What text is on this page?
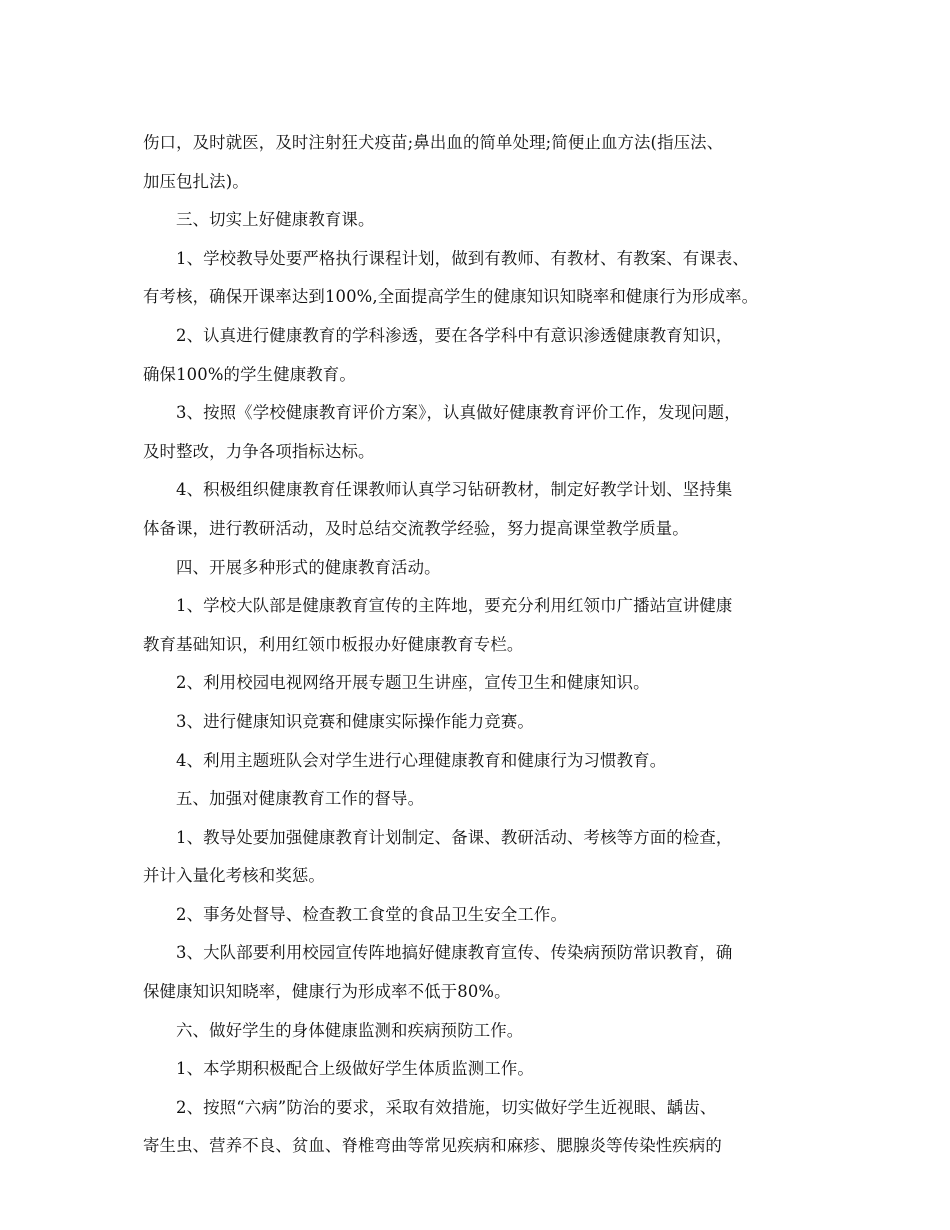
伤口，及时就医，及时注射狂犬疫苗;鼻出血的简单处理;简便止血方法(指压法、
加压包扎法)。
三、切实上好健康教育课。
1、学校教导处要严格执行课程计划，做到有教师、有教材、有教案、有课表、
有考核，确保开课率达到100%,全面提高学生的健康知识知晓率和健康行为形成率。
2、认真进行健康教育的学科渗透，要在各学科中有意识渗透健康教育知识，
确保100%的学生健康教育。
3、按照《学校健康教育评价方案》，认真做好健康教育评价工作，发现问题，
及时整改，力争各项指标达标。
4、积极组织健康教育任课教师认真学习钻研教材，制定好教学计划、坚持集
体备课，进行教研活动，及时总结交流教学经验，努力提高课堂教学质量。
四、开展多种形式的健康教育活动。
1、学校大队部是健康教育宣传的主阵地，要充分利用红领巾广播站宣讲健康
教育基础知识，利用红领巾板报办好健康教育专栏。
2、利用校园电视网络开展专题卫生讲座，宣传卫生和健康知识。
3、进行健康知识竞赛和健康实际操作能力竞赛。
4、利用主题班队会对学生进行心理健康教育和健康行为习惯教育。
五、加强对健康教育工作的督导。
1、教导处要加强健康教育计划制定、备课、教研活动、考核等方面的检查，
并计入量化考核和奖惩。
2、事务处督导、检查教工食堂的食品卫生安全工作。
3、大队部要利用校园宣传阵地搞好健康教育宣传、传染病预防常识教育，确
保健康知识知晓率，健康行为形成率不低于80%。
六、做好学生的身体健康监测和疾病预防工作。
1、本学期积极配合上级做好学生体质监测工作。
2、按照“六病”防治的要求，采取有效措施，切实做好学生近视眼、龋齿、
寄生虫、营养不良、贫血、脊椎弯曲等常见疾病和麻疹、腮腺炎等传染性疾病的
